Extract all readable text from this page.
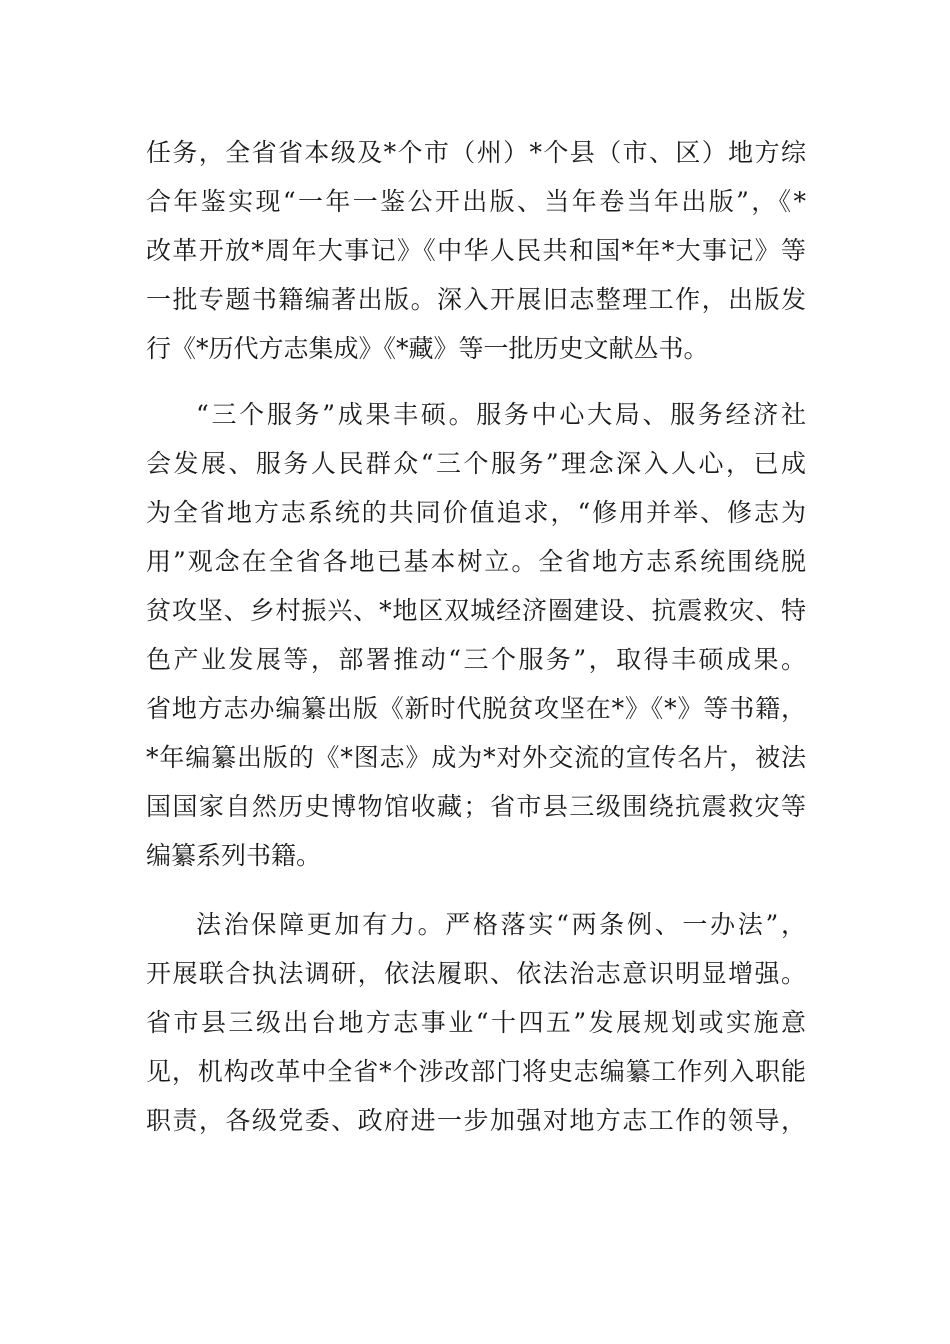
任务，全省省本级及*个市（州）*个县（市、区）地方综
合年鉴实现“一年一鉴公开出版、当年卷当年出版”，《*
改革开放*周年大事记》《中华人民共和国*年*大事记》等
一批专题书籍编著出版。深入开展旧志整理工作，出版发
行《*历代方志集成》《*藏》等一批历史文献丛书。
“三个服务”成果丰硕。服务中心大局、服务经济社
会发展、服务人民群众“三个服务”理念深入人心，已成
为全省地方志系统的共同价值追求，“修用并举、修志为
用”观念在全省各地已基本树立。全省地方志系统围绕脱
贫攻坚、乡村振兴、*地区双城经济圈建设、抗震救灾、特
色产业发展等，部署推动“三个服务”，取得丰硕成果。
省地方志办编纂出版《新时代脱贫攻坚在*》《*》等书籍，
*年编纂出版的《*图志》成为*对外交流的宣传名片，被法
国国家自然历史博物馆收藏；省市县三级围绕抗震救灾等
编纂系列书籍。
法治保障更加有力。严格落实“两条例、一办法”，
开展联合执法调研，依法履职、依法治志意识明显增强。
省市县三级出台地方志事业“十四五”发展规划或实施意
见，机构改革中全省*个涉改部门将史志编纂工作列入职能
职责，各级党委、政府进一步加强对地方志工作的领导，
